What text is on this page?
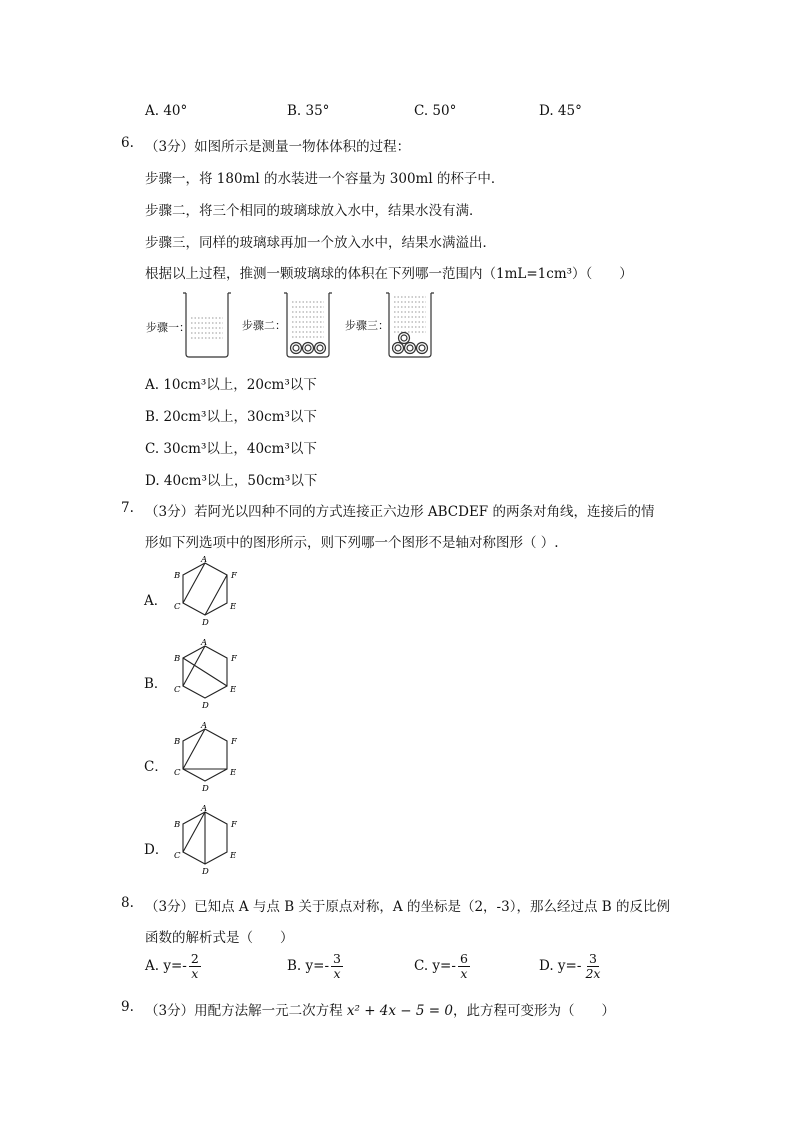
A. 40°	B. 35°	C. 50°	D. 45°
6. （3分）如图所示是测量一物体体积的过程：
步骤一，将 180ml 的水装进一个容量为 300ml 的杯子中．
步骤二，将三个相同的玻璃球放入水中，结果水没有满．
步骤三，同样的玻璃球再加一个放入水中，结果水满溢出．
根据以上过程，推测一颗玻璃球的体积在下列哪一范围内（1mL=1cm³）（　　）
步骤一：	步骤二：	步骤三：
A. 10cm³以上，20cm³以下
B. 20cm³以上，30cm³以下
C. 30cm³以上，40cm³以下
D. 40cm³以上，50cm³以下
7. （3分）若阿光以四种不同的方式连接正六边形 ABCDEF 的两条对角线，连接后的情
形如下列选项中的图形所示，则下列哪一个图形不是轴对称图形（ ）.
A．
B．
C．
D．
A
B
C
D
E
F
A
B
C
D
E
F
A
B
C
D
E
F
A
B
C
D
E
F
8. （3分）已知点 A 与点 B 关于原点对称，A 的坐标是（2，-3），那么经过点 B 的反比例
函数的解析式是（　　）
A. $y=- \frac{2}{x}$	B. $y=- \frac{3}{x}$	C. $y=- \frac{6}{x}$	D. $y=- \frac{3}{2x}$
9. （3分）用配方法解一元二次方程 x² + 4x − 5 = 0，此方程可变形为（　　）
